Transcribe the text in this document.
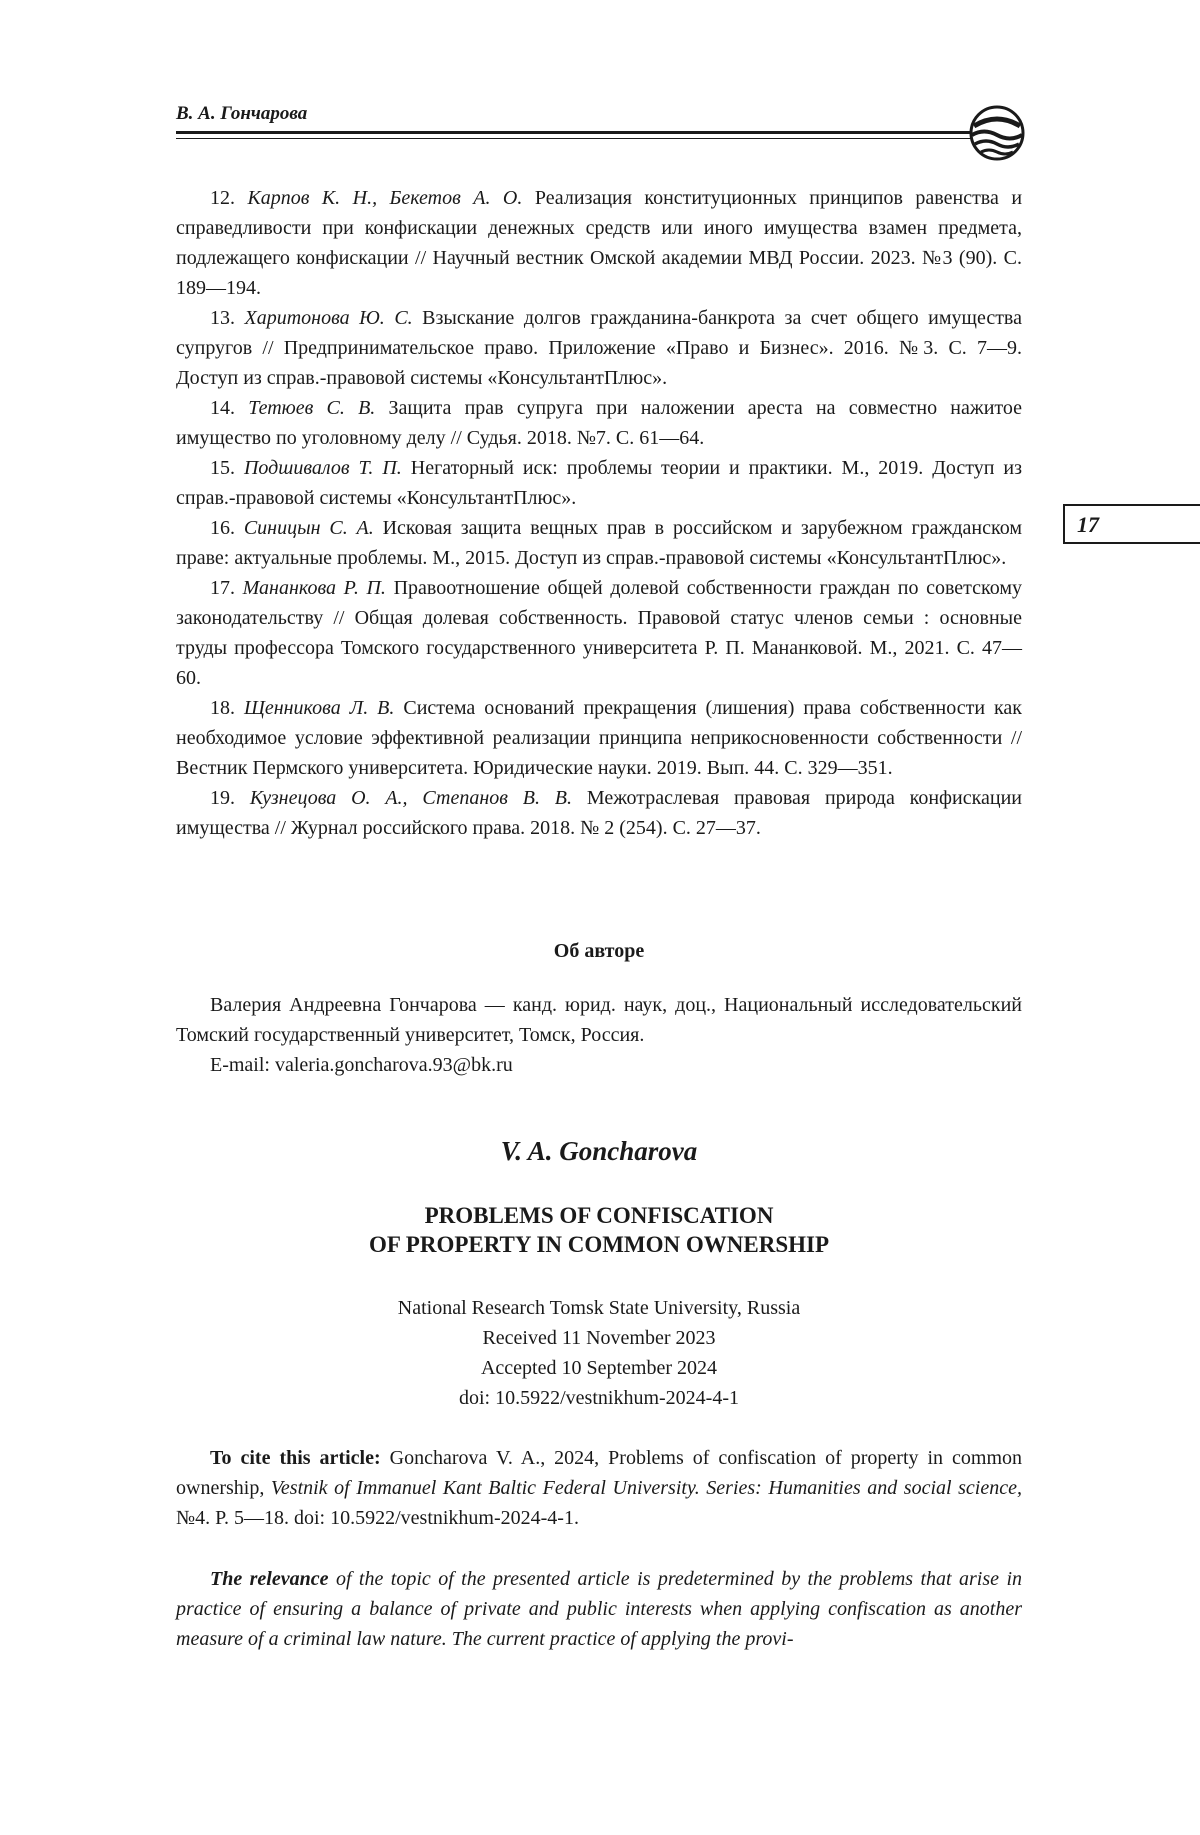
В. А. Гончарова
17

12. Карпов К. Н., Бекетов А. О. Реализация конституционных принципов равенства и справедливости при конфискации денежных средств или иного имущества взамен предмета, подлежащего конфискации // Научный вестник Омской академии МВД России. 2023. №3 (90). С. 189—194.

13. Харитонова Ю. С. Взыскание долгов гражданина-банкрота за счет общего имущества супругов // Предпринимательское право. Приложение «Право и Бизнес». 2016. №3. С. 7—9. Доступ из справ.-правовой системы «КонсультантПлюс».

14. Тетюев С. В. Защита прав супруга при наложении ареста на совместно нажитое имущество по уголовному делу // Судья. 2018. №7. С. 61—64.

15. Подшивалов Т. П. Негаторный иск: проблемы теории и практики. М., 2019. Доступ из справ.-правовой системы «КонсультантПлюс».

16. Синицын С. А. Исковая защита вещных прав в российском и зарубежном гражданском праве: актуальные проблемы. М., 2015. Доступ из справ.-правовой системы «КонсультантПлюс».

17. Мананкова Р. П. Правоотношение общей долевой собственности граждан по советскому законодательству // Общая долевая собственность. Правовой статус членов семьи : основные труды профессора Томского государственного университета Р. П. Мананковой. М., 2021. С. 47—60.

18. Щенникова Л. В. Система оснований прекращения (лишения) права собственности как необходимое условие эффективной реализации принципа неприкосновенности собственности // Вестник Пермского университета. Юридические науки. 2019. Вып. 44. С. 329—351.

19. Кузнецова О. А., Степанов В. В. Межотраслевая правовая природа конфискации имущества // Журнал российского права. 2018. № 2 (254). С. 27—37.

Об авторе

Валерия Андреевна Гончарова — канд. юрид. наук, доц., Национальный исследовательский Томский государственный университет, Томск, Россия.

E-mail: valeria.goncharova.93@bk.ru

V. A. Goncharova
PROBLEMS OF CONFISCATION
OF PROPERTY IN COMMON OWNERSHIP
National Research Tomsk State University, Russia
Received 11 November 2023
Accepted 10 September 2024
doi: 10.5922/vestnikhum-2024-4-1

To cite this article: Goncharova V. A., 2024, Problems of confiscation of property in common ownership, Vestnik of Immanuel Kant Baltic Federal University. Series: Humanities and social science, №4. P. 5—18. doi: 10.5922/vestnikhum-2024-4-1.

The relevance of the topic of the presented article is predetermined by the problems that arise in practice of ensuring a balance of private and public interests when applying confiscation as another measure of a criminal law nature. The current practice of applying the provi-
